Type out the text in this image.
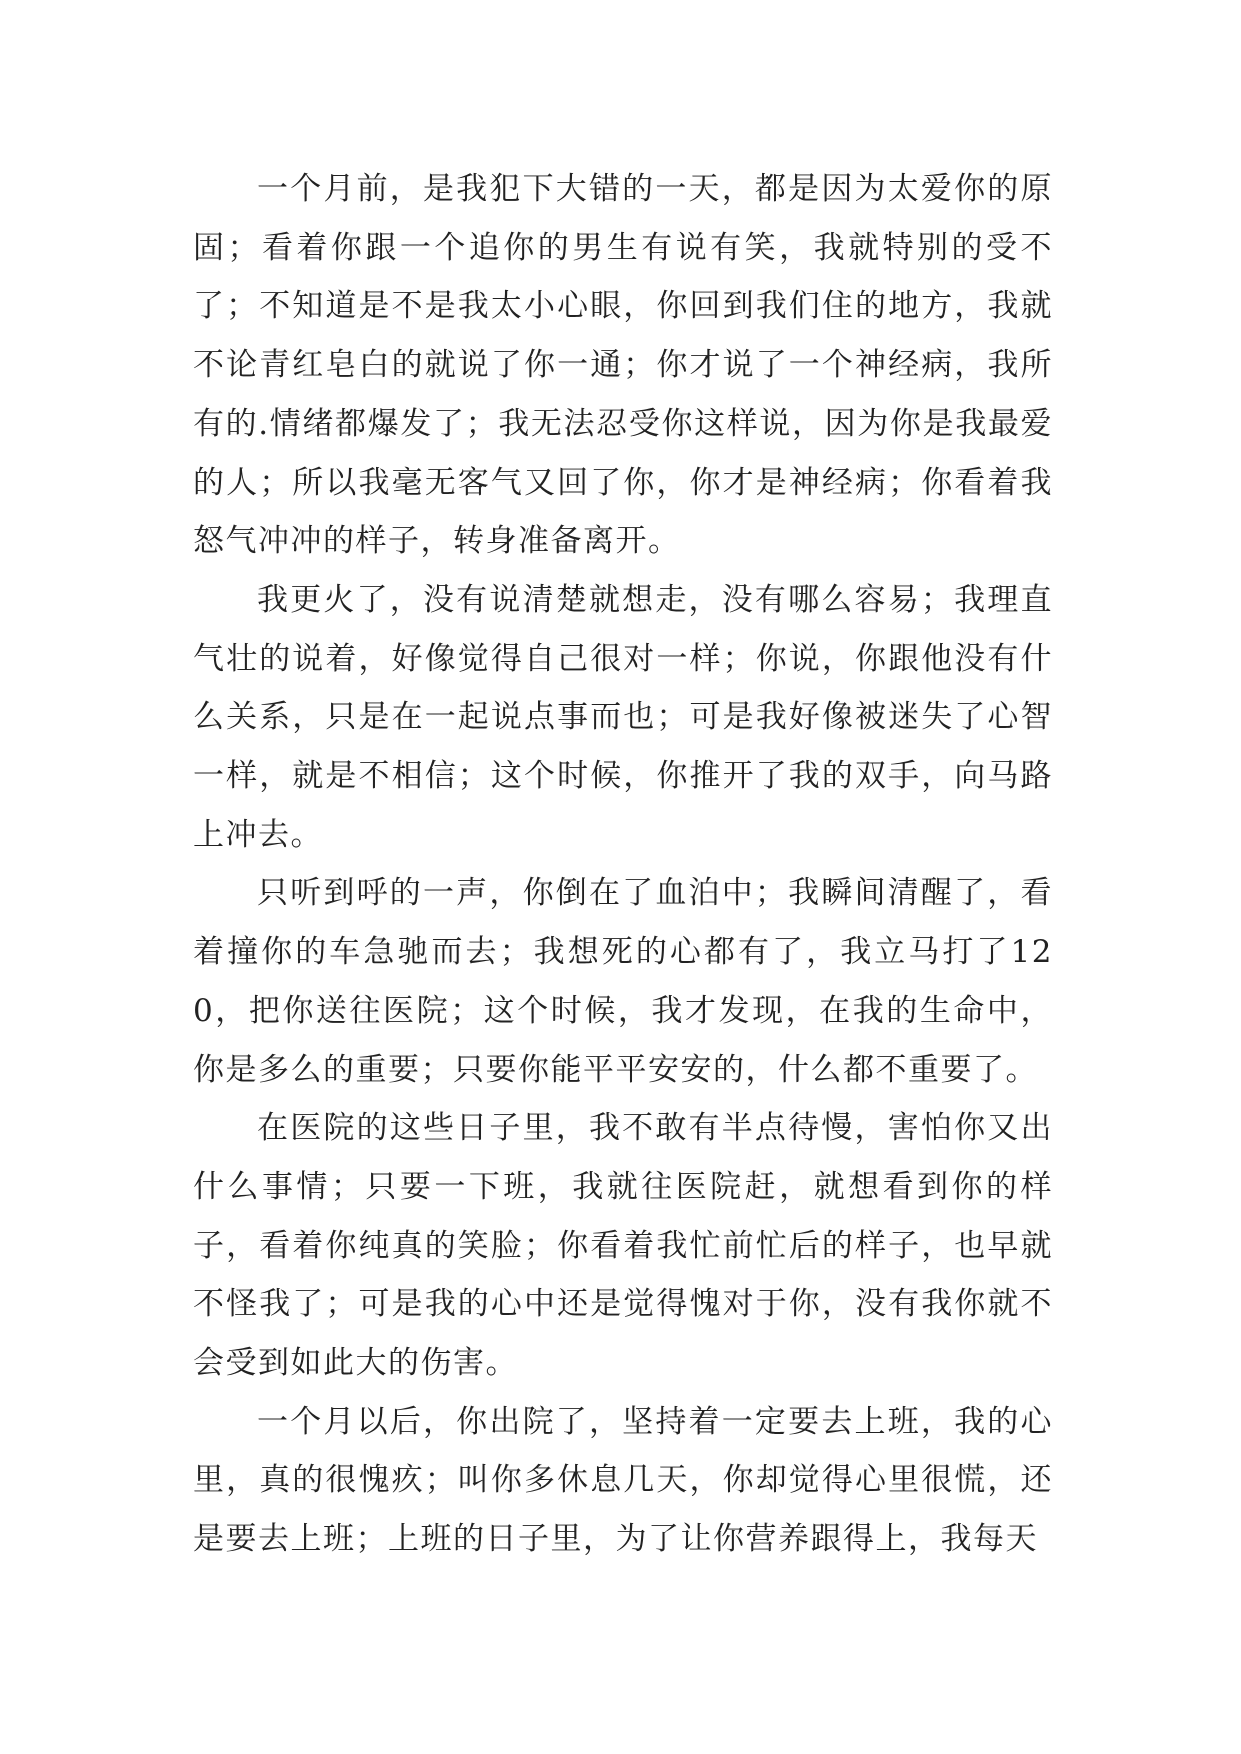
一个月前，是我犯下大错的一天，都是因为太爱你的原固；看着你跟一个追你的男生有说有笑，我就特别的受不了；不知道是不是我太小心眼，你回到我们住的地方，我就不论青红皂白的就说了你一通；你才说了一个神经病，我所有的.情绪都爆发了；我无法忍受你这样说，因为你是我最爱的人；所以我毫无客气又回了你，你才是神经病；你看着我怒气冲冲的样子，转身准备离开。

我更火了，没有说清楚就想走，没有哪么容易；我理直气壮的说着，好像觉得自己很对一样；你说，你跟他没有什么关系，只是在一起说点事而也；可是我好像被迷失了心智一样，就是不相信；这个时候，你推开了我的双手，向马路上冲去。

只听到呼的一声，你倒在了血泊中；我瞬间清醒了，看着撞你的车急驰而去；我想死的心都有了，我立马打了120，把你送往医院；这个时候，我才发现，在我的生命中，你是多么的重要；只要你能平平安安的，什么都不重要了。

在医院的这些日子里，我不敢有半点待慢，害怕你又出什么事情；只要一下班，我就往医院赶，就想看到你的样子，看着你纯真的笑脸；你看着我忙前忙后的样子，也早就不怪我了；可是我的心中还是觉得愧对于你，没有我你就不会受到如此大的伤害。

一个月以后，你出院了，坚持着一定要去上班，我的心里，真的很愧疚；叫你多休息几天，你却觉得心里很慌，还是要去上班；上班的日子里，为了让你营养跟得上，我每天
